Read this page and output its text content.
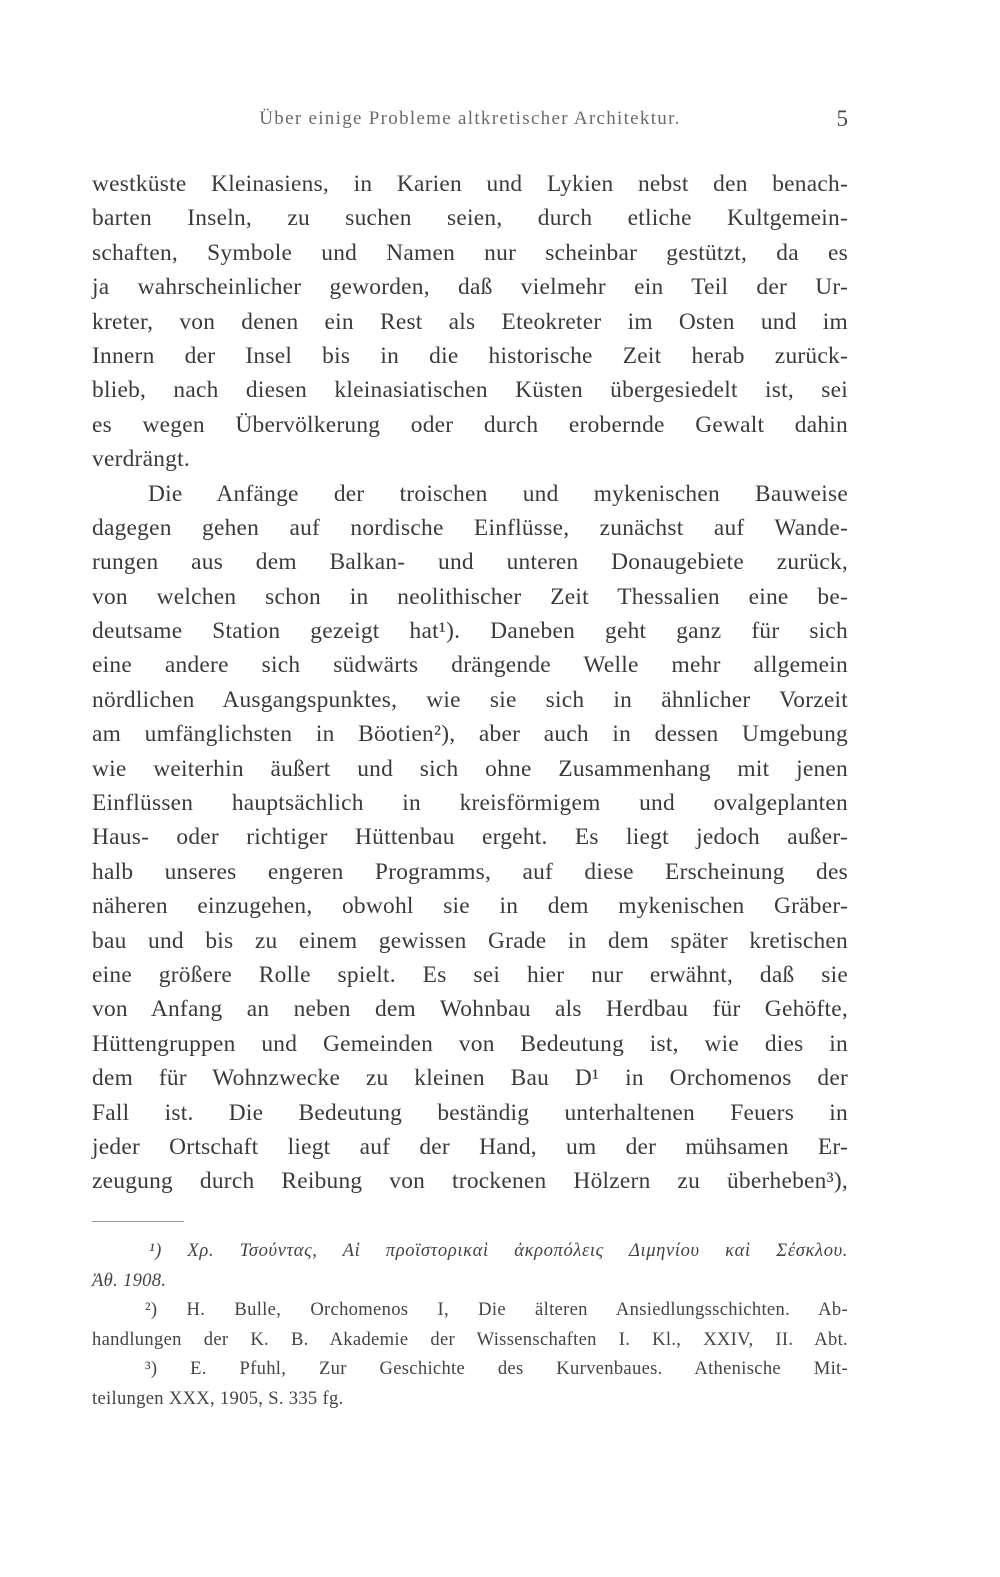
Über einige Probleme altkretischer Architektur.	5
westküste Kleinasiens, in Karien und Lykien nebst den benach-
barten Inseln, zu suchen seien, durch etliche Kultgemein-
schaften, Symbole und Namen nur scheinbar gestützt, da es
ja wahrscheinlicher geworden, daß vielmehr ein Teil der Ur-
kreter, von denen ein Rest als Eteokreter im Osten und im
Innern der Insel bis in die historische Zeit herab zurück-
blieb, nach diesen kleinasiatischen Küsten übergesiedelt ist, sei
es wegen Übervölkerung oder durch erobernde Gewalt dahin
verdrängt.
Die Anfänge der troischen und mykenischen Bauweise
dagegen gehen auf nordische Einflüsse, zunächst auf Wande-
rungen aus dem Balkan- und unteren Donaugebiete zurück,
von welchen schon in neolithischer Zeit Thessalien eine be-
deutsame Station gezeigt hat¹). Daneben geht ganz für sich
eine andere sich südwärts drängende Welle mehr allgemein
nördlichen Ausgangspunktes, wie sie sich in ähnlicher Vorzeit
am umfänglichsten in Böotien²), aber auch in dessen Umgebung
wie weiterhin äußert und sich ohne Zusammenhang mit jenen
Einflüssen hauptsächlich in kreisförmigem und ovalgeplanten
Haus- oder richtiger Hüttenbau ergeht. Es liegt jedoch außer-
halb unseres engeren Programms, auf diese Erscheinung des
näheren einzugehen, obwohl sie in dem mykenischen Gräber-
bau und bis zu einem gewissen Grade in dem später kretischen
eine größere Rolle spielt. Es sei hier nur erwähnt, daß sie
von Anfang an neben dem Wohnbau als Herdbau für Gehöfte,
Hüttengruppen und Gemeinden von Bedeutung ist, wie dies in
dem für Wohnzwecke zu kleinen Bau D¹ in Orchomenos der
Fall ist. Die Bedeutung beständig unterhaltenen Feuers in
jeder Ortschaft liegt auf der Hand, um der mühsamen Er-
zeugung durch Reibung von trockenen Hölzern zu überheben³),
¹) Χρ. Τσούντας, Αἱ προϊστορικαὶ ἀκροπόλεις Διμηνίου καὶ Σέσκλου.
Ἀθ. 1908.
²) H. Bulle, Orchomenos I, Die älteren Ansiedlungsschichten. Ab-
handlungen der K. B. Akademie der Wissenschaften I. Kl., XXIV, II. Abt.
³) E. Pfuhl, Zur Geschichte des Kurvenbaues. Athenische Mit-
teilungen XXX, 1905, S. 335 fg.
